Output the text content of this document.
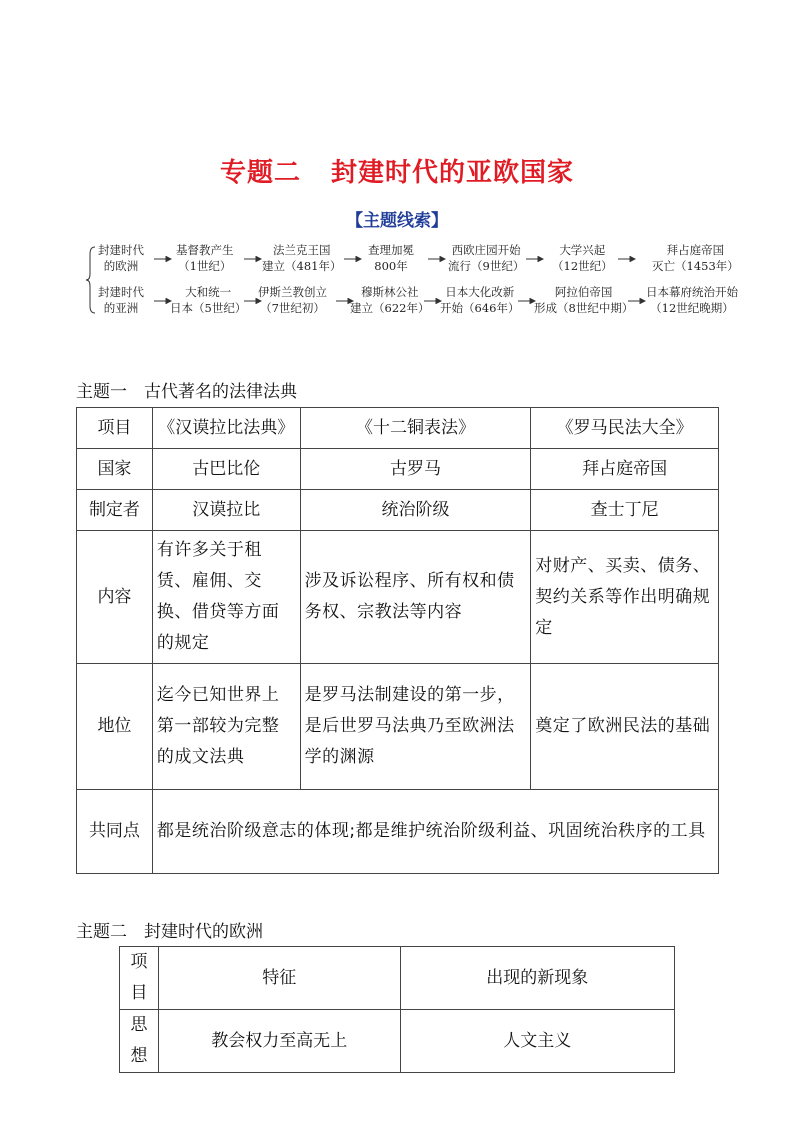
专题二 封建时代的亚欧国家
【主题线索】
封建时代
的欧洲
基督教产生
（1世纪）
法兰克王国
建立（481年）
查理加冕
800年
西欧庄园开始
流行（9世纪）
大学兴起
（12世纪）
拜占庭帝国
灭亡（1453年）
封建时代
的亚洲
大和统一
日本（5世纪）
伊斯兰教创立
（7世纪初）
穆斯林公社
建立（622年）
日本大化改新
开始（646年）
阿拉伯帝国
形成（8世纪中期）
日本幕府统治开始
（12世纪晚期）
主题一　古代著名的法律法典
项目	《汉谟拉比法典》	《十二铜表法》	《罗马民法大全》
国家	古巴比伦	古罗马	拜占庭帝国
制定者	汉谟拉比	统治阶级	查士丁尼
内容	有许多关于租赁、雇佣、交换、借贷等方面的规定	涉及诉讼程序、所有权和债务权、宗教法等内容	对财产、买卖、债务、契约关系等作出明确规定
地位	迄今已知世界上第一部较为完整的成文法典	是罗马法制建设的第一步，是后世罗马法典乃至欧洲法学的渊源	奠定了欧洲民法的基础
共同点	都是统治阶级意志的体现;都是维护统治阶级利益、巩固统治秩序的工具		
主题二　封建时代的欧洲
项目	特征	出现的新现象
思想	教会权力至高无上	人文主义
